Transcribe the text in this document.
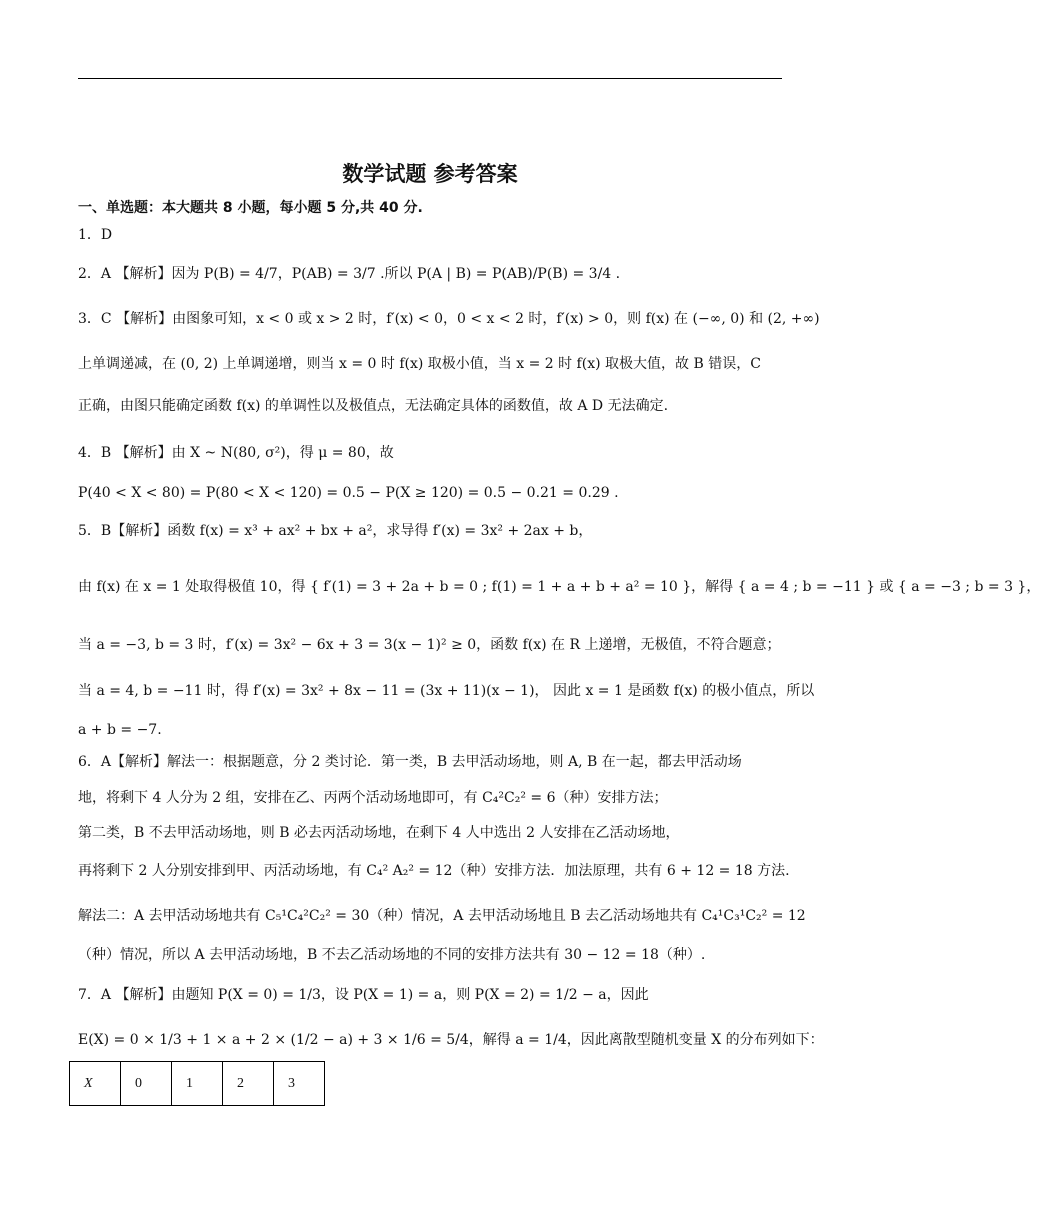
数学试题 参考答案
一、单选题：本大题共 8 小题，每小题 5 分,共 40 分.
1．D
2．A 【解析】因为 P(B) = 4/7，P(AB) = 3/7 .所以 P(A | B) = P(AB)/P(B) = 3/4 .
3．C 【解析】由图象可知，x < 0 或 x > 2 时，f′(x) < 0，0 < x < 2 时，f′(x) > 0，则 f(x) 在 (−∞, 0) 和 (2, +∞)
上单调递减，在 (0, 2) 上单调递增，则当 x = 0 时 f(x) 取极小值，当 x = 2 时 f(x) 取极大值，故 B 错误，C
正确，由图只能确定函数 f(x) 的单调性以及极值点，无法确定具体的函数值，故 A D 无法确定.
4．B 【解析】由 X ~ N(80, σ²)，得 μ = 80，故
P(40 < X < 80) = P(80 < X < 120) = 0.5 − P(X ≥ 120) = 0.5 − 0.21 = 0.29 .
5．B【解析】函数 f(x) = x³ + ax² + bx + a²，求导得 f′(x) = 3x² + 2ax + b，
由 f(x) 在 x = 1 处取得极值 10，得 { f′(1) = 3 + 2a + b = 0 ; f(1) = 1 + a + b + a² = 10 }，解得 { a = 4 ; b = −11 } 或 { a = −3 ; b = 3 }，
当 a = −3, b = 3 时，f′(x) = 3x² − 6x + 3 = 3(x − 1)² ≥ 0，函数 f(x) 在 R 上递增，无极值，不符合题意；
当 a = 4, b = −11 时，得 f′(x) = 3x² + 8x − 11 = (3x + 11)(x − 1)， 因此 x = 1 是函数 f(x) 的极小值点，所以
a + b = −7.
6．A【解析】解法一：根据题意，分 2 类讨论．第一类，B 去甲活动场地，则 A, B 在一起，都去甲活动场
地，将剩下 4 人分为 2 组，安排在乙、丙两个活动场地即可，有 C₄²C₂² = 6（种）安排方法；
第二类，B 不去甲活动场地，则 B 必去丙活动场地，在剩下 4 人中选出 2 人安排在乙活动场地，
再将剩下 2 人分别安排到甲、丙活动场地，有 C₄² A₂² = 12（种）安排方法．加法原理，共有 6 + 12 = 18 方法.
解法二：A 去甲活动场地共有 C₅¹C₄²C₂² = 30（种）情况，A 去甲活动场地且 B 去乙活动场地共有 C₄¹C₃¹C₂² = 12
（种）情况，所以 A 去甲活动场地，B 不去乙活动场地的不同的安排方法共有 30 − 12 = 18（种）.
7．A 【解析】由题知 P(X = 0) = 1/3，设 P(X = 1) = a，则 P(X = 2) = 1/2 − a，因此
E(X) = 0 × 1/3 + 1 × a + 2 × (1/2 − a) + 3 × 1/6 = 5/4，解得 a = 1/4，因此离散型随机变量 X 的分布列如下：
X	0	1	2	3
